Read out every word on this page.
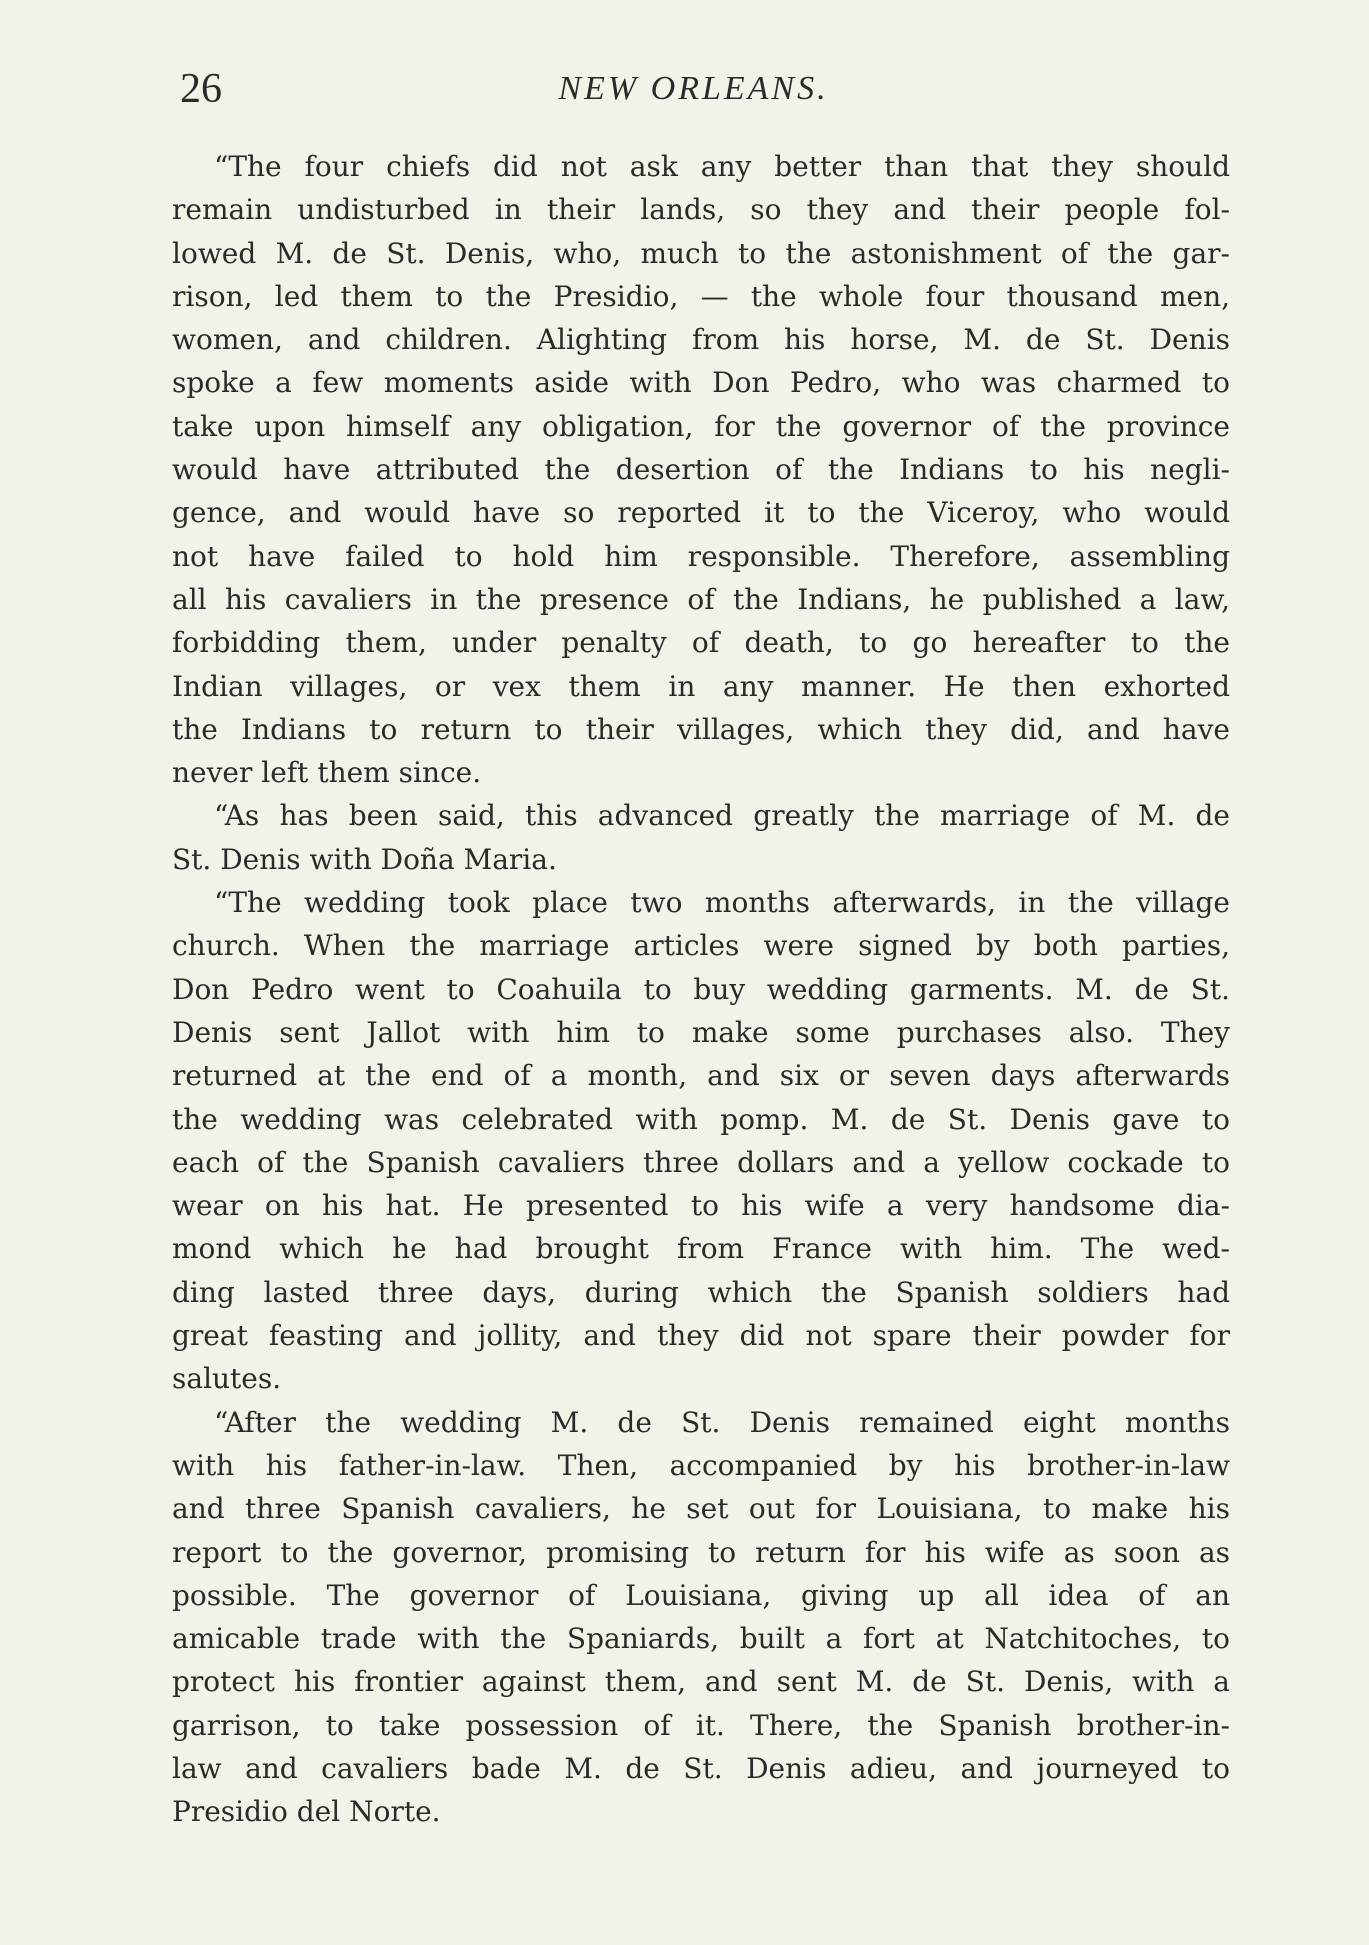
26	NEW ORLEANS.
“The four chiefs did not ask any better than that they should
remain undisturbed in their lands, so they and their people fol-
lowed M. de St. Denis, who, much to the astonishment of the gar-
rison, led them to the Presidio, — the whole four thousand men,
women, and children. Alighting from his horse, M. de St. Denis
spoke a few moments aside with Don Pedro, who was charmed to
take upon himself any obligation, for the governor of the province
would have attributed the desertion of the Indians to his negli-
gence, and would have so reported it to the Viceroy, who would
not have failed to hold him responsible. Therefore, assembling
all his cavaliers in the presence of the Indians, he published a law,
forbidding them, under penalty of death, to go hereafter to the
Indian villages, or vex them in any manner. He then exhorted
the Indians to return to their villages, which they did, and have
never left them since.
“As has been said, this advanced greatly the marriage of M. de
St. Denis with Doña Maria.
“The wedding took place two months afterwards, in the village
church. When the marriage articles were signed by both parties,
Don Pedro went to Coahuila to buy wedding garments. M. de St.
Denis sent Jallot with him to make some purchases also. They
returned at the end of a month, and six or seven days afterwards
the wedding was celebrated with pomp. M. de St. Denis gave to
each of the Spanish cavaliers three dollars and a yellow cockade to
wear on his hat. He presented to his wife a very handsome dia-
mond which he had brought from France with him. The wed-
ding lasted three days, during which the Spanish soldiers had
great feasting and jollity, and they did not spare their powder for
salutes.
“After the wedding M. de St. Denis remained eight months
with his father-in-law. Then, accompanied by his brother-in-law
and three Spanish cavaliers, he set out for Louisiana, to make his
report to the governor, promising to return for his wife as soon as
possible. The governor of Louisiana, giving up all idea of an
amicable trade with the Spaniards, built a fort at Natchitoches, to
protect his frontier against them, and sent M. de St. Denis, with a
garrison, to take possession of it. There, the Spanish brother-in-
law and cavaliers bade M. de St. Denis adieu, and journeyed to
Presidio del Norte.
